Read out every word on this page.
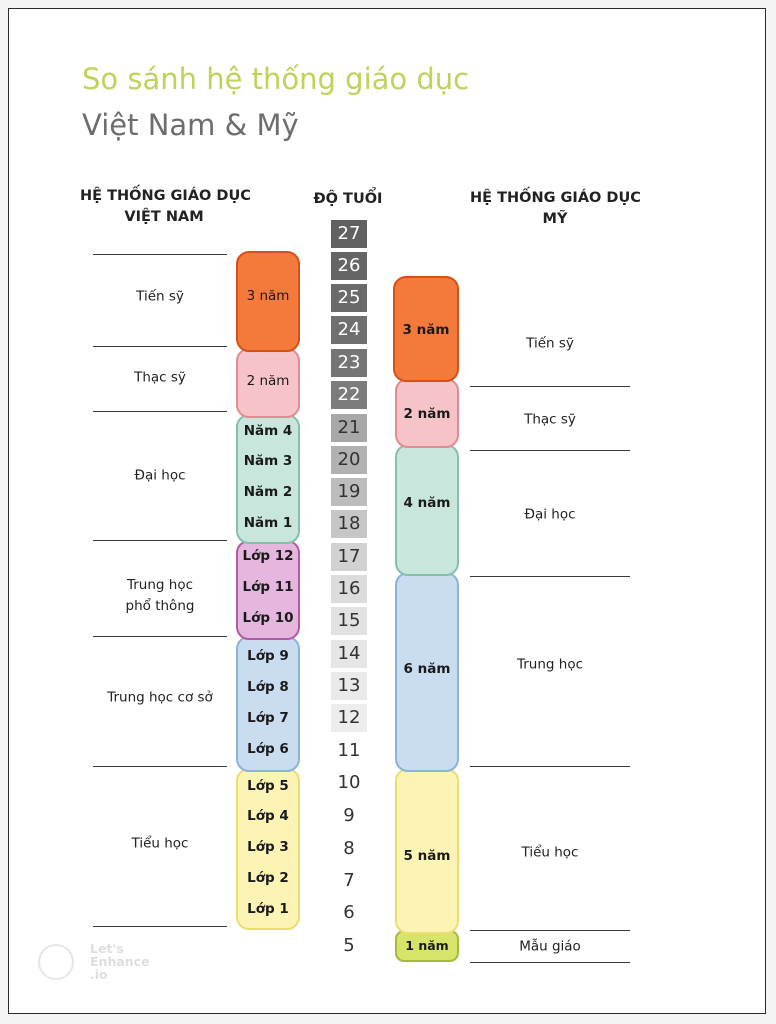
So sánh hệ thống giáo dục
Việt Nam & Mỹ
HỆ THỐNG GIÁO DỤC
VIỆT NAM
ĐỘ TUỔI	HỆ THỐNG GIÁO DỤC
MỸ
Tiến sỹ
Thạc sỹ
Đại học
Trung học
phổ thông
Trung học cơ sở
Tiểu học
3 năm
2 năm
Năm 4
Năm 3
Năm 2
Năm 1
Lớp 12
Lớp 11
Lớp 10
Lớp 9
Lớp 8
Lớp 7
Lớp 6
Lớp 5
Lớp 4
Lớp 3
Lớp 2
Lớp 1
27
26
25
24
23
22
21
20
19
18
17
16
15
14
13
12
11
10
9
8
7
6
5
Tiến sỹ
Thạc sỹ
Đại học
Trung học
Tiểu học
Mẫu giáo
3 năm
2 năm
4 năm
6 năm
5 năm
1 năm
Let's
Enhance
.io
